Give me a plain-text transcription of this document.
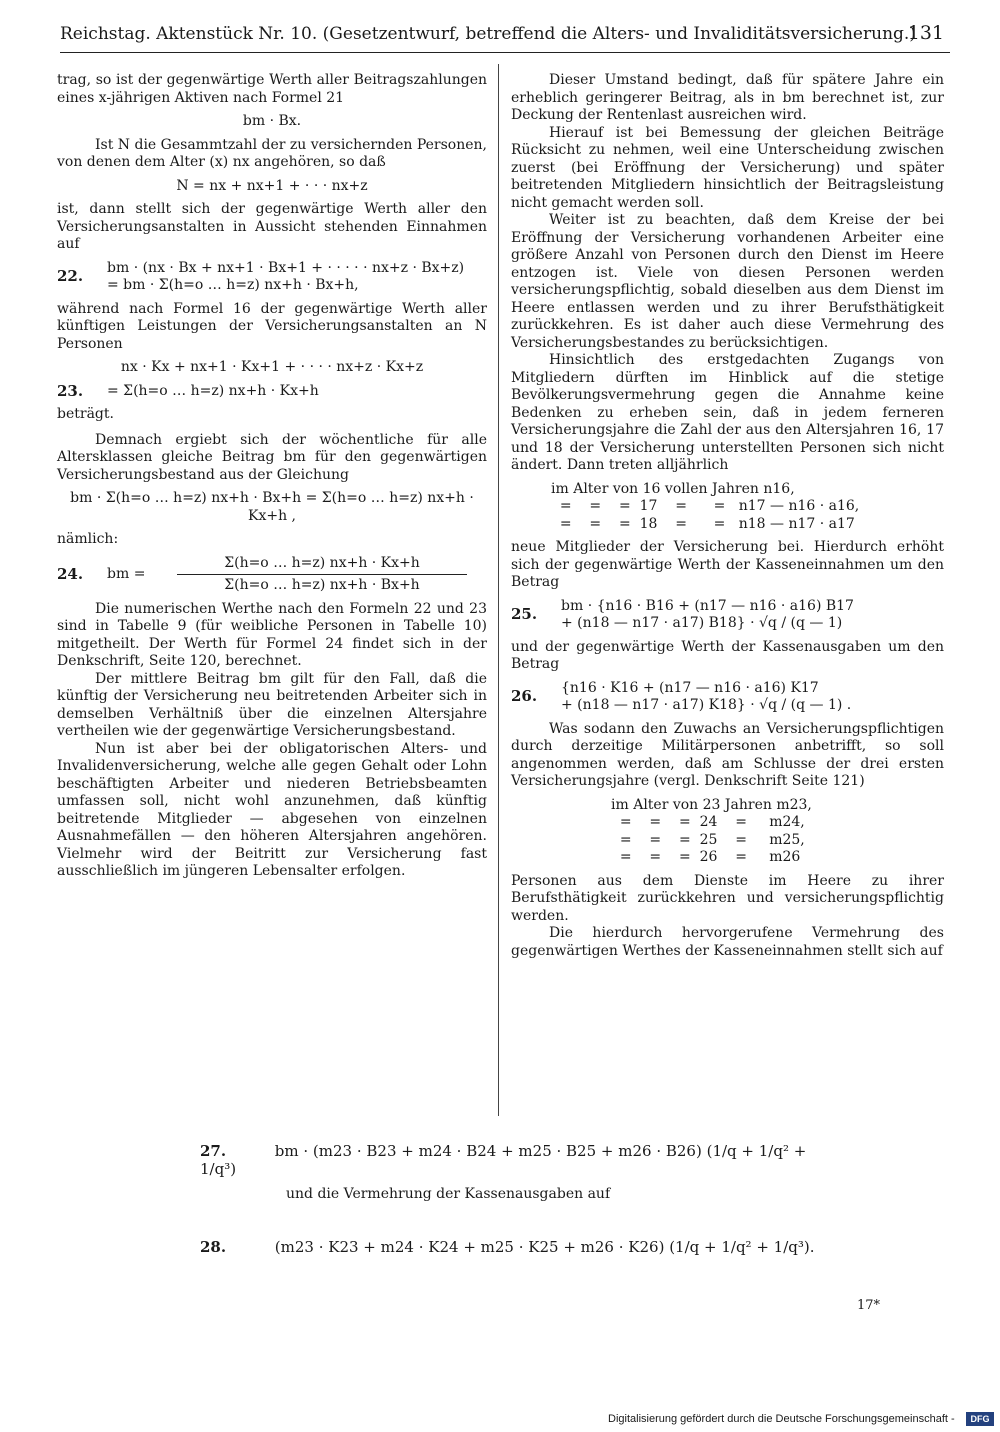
Reichstag. Aktenstück Nr. 10. (Gesetzentwurf, betreffend die Alters- und Invaliditätsversicherung.)
131

trag, so ist der gegenwärtige Werth aller Beitragszahlungen eines x-jährigen Aktiven nach Formel 21

bm · Bx.

Ist N die Gesammtzahl der zu versichernden Personen, von denen dem Alter (x) nx angehören, so daß

N = nx + nx+1 + · · · nx+z

ist, dann stellt sich der gegenwärtige Werth aller den Versicherungsanstalten in Aussicht stehenden Einnahmen auf

22.	bm · (nx · Bx + nx+1 · Bx+1 + · · · · · nx+z · Bx+z)
= bm · Σ(h=o … h=z) nx+h · Bx+h,

während nach Formel 16 der gegenwärtige Werth aller künftigen Leistungen der Versicherungsanstalten an N Personen

nx · Kx + nx+1 · Kx+1 + · · · · nx+z · Kx+z
23.	= Σ(h=o … h=z) nx+h · Kx+h

beträgt.

Demnach ergiebt sich der wöchentliche für alle Altersklassen gleiche Beitrag bm für den gegenwärtigen Versicherungsbestand aus der Gleichung

bm · Σ(h=o … h=z) nx+h · Bx+h = Σ(h=o … h=z) nx+h · Kx+h ,

nämlich:

24.	bm =
Σ(h=o … h=z) nx+h · Kx+h
Σ(h=o … h=z) nx+h · Bx+h

Die numerischen Werthe nach den Formeln 22 und 23 sind in Tabelle 9 (für weibliche Personen in Tabelle 10) mitgetheilt. Der Werth für Formel 24 findet sich in der Denkschrift, Seite 120, berechnet.

Der mittlere Beitrag bm gilt für den Fall, daß die künftig der Versicherung neu beitretenden Arbeiter sich in demselben Verhältniß über die einzelnen Altersjahre vertheilen wie der gegenwärtige Versicherungsbestand.

Nun ist aber bei der obligatorischen Alters- und Invalidenversicherung, welche alle gegen Gehalt oder Lohn beschäftigten Arbeiter und niederen Betriebsbeamten umfassen soll, nicht wohl anzunehmen, daß künftig beitretende Mitglieder — abgesehen von einzelnen Ausnahmefällen — den höheren Altersjahren angehören. Vielmehr wird der Beitritt zur Versicherung fast ausschließlich im jüngeren Lebensalter erfolgen.

Dieser Umstand bedingt, daß für spätere Jahre ein erheblich geringerer Beitrag, als in bm berechnet ist, zur Deckung der Rentenlast ausreichen wird.

Hierauf ist bei Bemessung der gleichen Beiträge Rücksicht zu nehmen, weil eine Unterscheidung zwischen zuerst (bei Eröffnung der Versicherung) und später beitretenden Mitgliedern hinsichtlich der Beitragsleistung nicht gemacht werden soll.

Weiter ist zu beachten, daß dem Kreise der bei Eröffnung der Versicherung vorhandenen Arbeiter eine größere Anzahl von Personen durch den Dienst im Heere entzogen ist. Viele von diesen Personen werden versicherungspflichtig, sobald dieselben aus dem Dienst im Heere entlassen werden und zu ihrer Berufsthätigkeit zurückkehren. Es ist daher auch diese Vermehrung des Versicherungsbestandes zu berücksichtigen.

Hinsichtlich des erstgedachten Zugangs von Mitgliedern dürften im Hinblick auf die stetige Bevölkerungsvermehrung gegen die Annahme keine Bedenken zu erheben sein, daß in jedem ferneren Versicherungsjahre die Zahl der aus den Altersjahren 16, 17 und 18 der Versicherung unterstellten Personen sich nicht ändert. Dann treten alljährlich

im Alter von 16 vollen Jahren n16,
=    =    =  17    =      =   n17 — n16 · a16,
=    =    =  18    =      =   n18 — n17 · a17

neue Mitglieder der Versicherung bei. Hierdurch erhöht sich der gegenwärtige Werth der Kasseneinnahmen um den Betrag

25.	bm · {n16 · B16 + (n17 — n16 · a16) B17
+ (n18 — n17 · a17) B18} · √q / (q — 1)

und der gegenwärtige Werth der Kassenausgaben um den Betrag

26.	{n16 · K16 + (n17 — n16 · a16) K17
+ (n18 — n17 · a17) K18} · √q / (q — 1) .

Was sodann den Zuwachs an Versicherungspflichtigen durch derzeitige Militärpersonen anbetrifft, so soll angenommen werden, daß am Schlusse der drei ersten Versicherungsjahre (vergl. Denkschrift Seite 121)

im Alter von 23 Jahren m23,
=    =    =  24    =     m24,
=    =    =  25    =     m25,
=    =    =  26    =     m26

Personen aus dem Dienste im Heere zu ihrer Berufsthätigkeit zurückkehren und versicherungspflichtig werden.

Die hierdurch hervorgerufene Vermehrung des gegenwärtigen Werthes der Kasseneinnahmen stellt sich auf

27.	bm · (m23 · B23 + m24 · B24 + m25 · B25 + m26 · B26) (1/q + 1/q² + 1/q³)
und die Vermehrung der Kassenausgaben auf
28.	(m23 · K23 + m24 · K24 + m25 · K25 + m26 · K26) (1/q + 1/q² + 1/q³).
17*
Digitalisierung gefördert durch die Deutsche Forschungsgemeinschaft -	DFG
